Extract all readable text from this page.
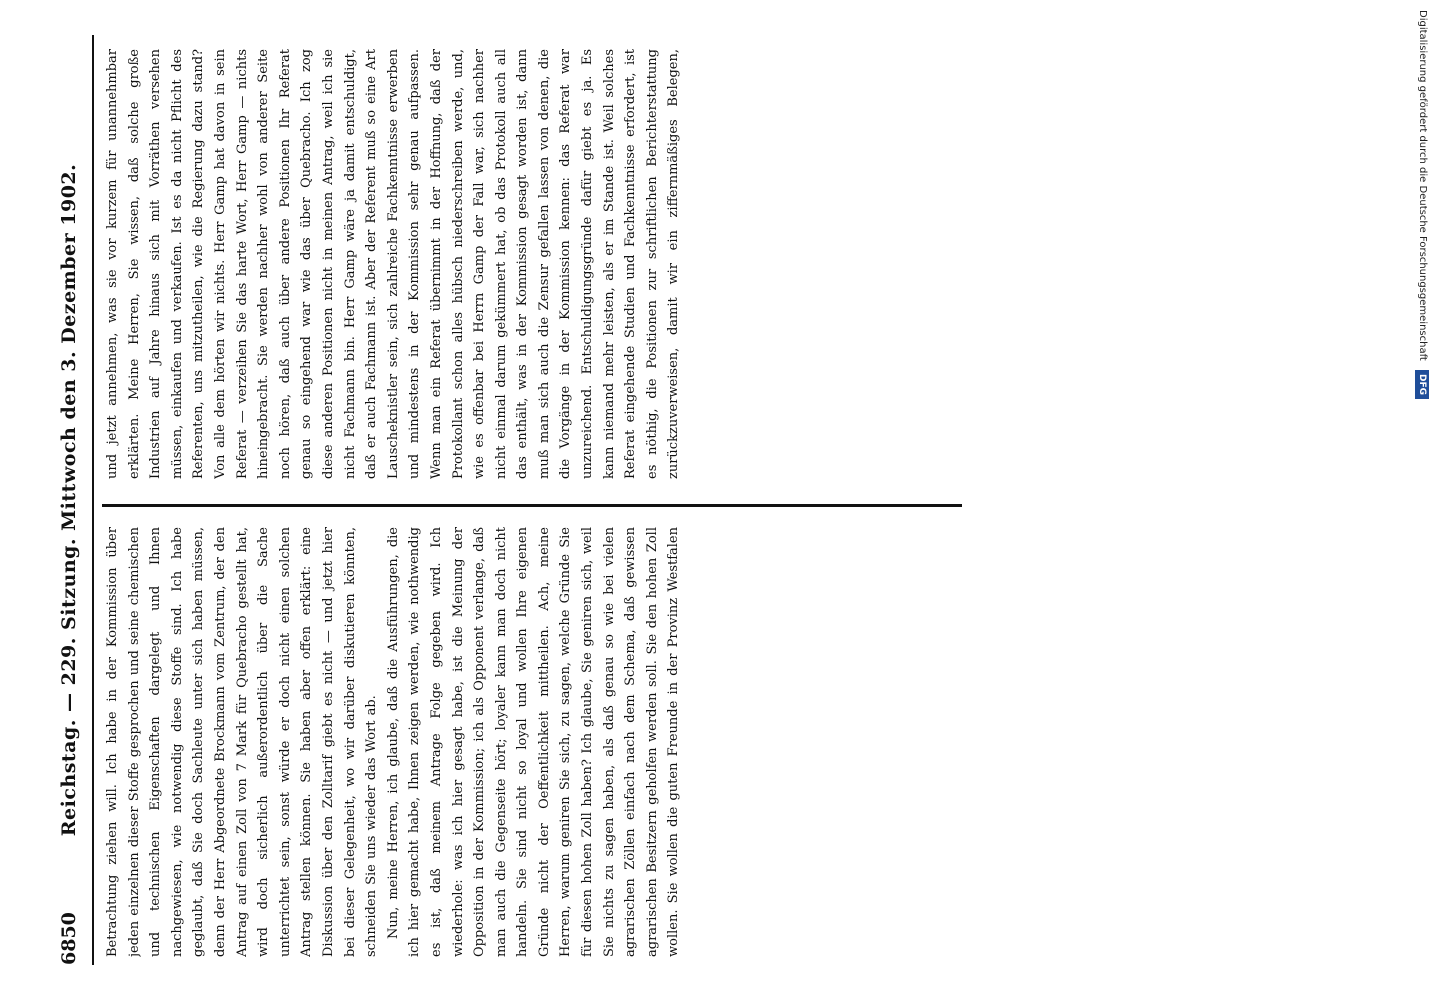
6850
Reichstag. — 229. Sitzung. Mittwoch den 3. Dezember 1902. Betrachtung ziehen will. Ich habe in der Kommission über jeden einzelnen dieser Stoffe gesprochen und seine chemischen und technischen Eigenschaften dargelegt und Ihnen nachgewiesen, wie notwendig diese Stoffe sind. Ich habe geglaubt, daß Sie doch Sachleute unter sich haben müssen, denn der Herr Abgeordnete Brockmann vom Zentrum, der den Antrag auf einen Zoll von 7 Mark für Quebracho gestellt hat, wird doch sicherlich außerordentlich über die Sache unterrichtet sein, sonst würde er doch nicht einen solchen Antrag stellen können. Sie haben aber offen erklärt: eine Diskussion über den Zolltarif giebt es nicht — und jetzt hier bei dieser Gelegenheit, wo wir darüber diskutieren könnten, schneiden Sie uns wieder das Wort ab. Nun, meine Herren, ich glaube, daß die Ausführungen, die ich hier gemacht habe, Ihnen zeigen werden, wie nothwendig es ist, daß meinem Antrage Folge gegeben wird. Ich wiederhole: was ich hier gesagt habe, ist die Meinung der Opposition in der Kommission; ich als Opponent verlange, daß man auch die Gegenseite hört; loyaler kann man doch nicht handeln. Sie sind nicht so loyal und wollen Ihre eigenen Gründe nicht der Oeffentlichkeit mittheilen. Ach, meine Herren, warum geniren Sie sich, zu sagen, welche Gründe Sie für diesen hohen Zoll haben? Ich glaube, Sie geniren sich, weil Sie nichts zu sagen haben, als daß genau so wie bei vielen agrarischen Zöllen einfach nach dem Schema, daß gewissen agrarischen Besitzern geholfen werden soll. Sie den hohen Zoll wollen. Sie wollen die guten Freunde in der Provinz Westfalen

und jetzt annehmen, was sie vor kurzem für unannehmbar erklärten. Meine Herren, Sie wissen, daß solche große Industrien auf Jahre hinaus sich mit Vorräthen versehen müssen, einkaufen und verkaufen. Ist es da nicht Pflicht des Referenten, uns mitzutheilen, wie die Regierung dazu stand? Von alle dem hörten wir nichts. Herr Gamp hat davon in sein Referat — verzeihen Sie das harte Wort, Herr Gamp — nichts hineingebracht. Sie werden nachher wohl von anderer Seite noch hören, daß auch über andere Positionen Ihr Referat genau so eingehend war wie das über Quebracho. Ich zog diese anderen Positionen nicht in meinen Antrag, weil ich sie nicht Fachmann bin. Herr Gamp wäre ja damit entschuldigt, daß er auch Fachmann ist. Aber der Referent muß so eine Art Lauscheknistler sein, sich zahlreiche Fachkenntnisse erwerben und mindestens in der Kommission sehr genau aufpassen. Wenn man ein Referat übernimmt in der Hoffnung, daß der Protokollant schon alles hübsch niederschreiben werde, und, wie es offenbar bei Herrn Gamp der Fall war, sich nachher nicht einmal darum gekümmert hat, ob das Protokoll auch all das enthält, was in der Kommission gesagt worden ist, dann muß man sich auch die Zensur gefallen lassen von denen, die die Vorgänge in der Kommission kennen: das Referat war unzureichend. Entschuldigungsgründe dafür giebt es ja. Es kann niemand mehr leisten, als er im Stande ist. Weil solches Referat eingehende Studien und Fachkenntnisse erfordert, ist es nöthig, die Positionen zur schriftlichen Berichterstattung zurückzuverweisen, damit wir ein ziffernmäßiges Belegen,	Digitalisierung gefördert durch die Deutsche Forschungsgemeinschaft DFG
